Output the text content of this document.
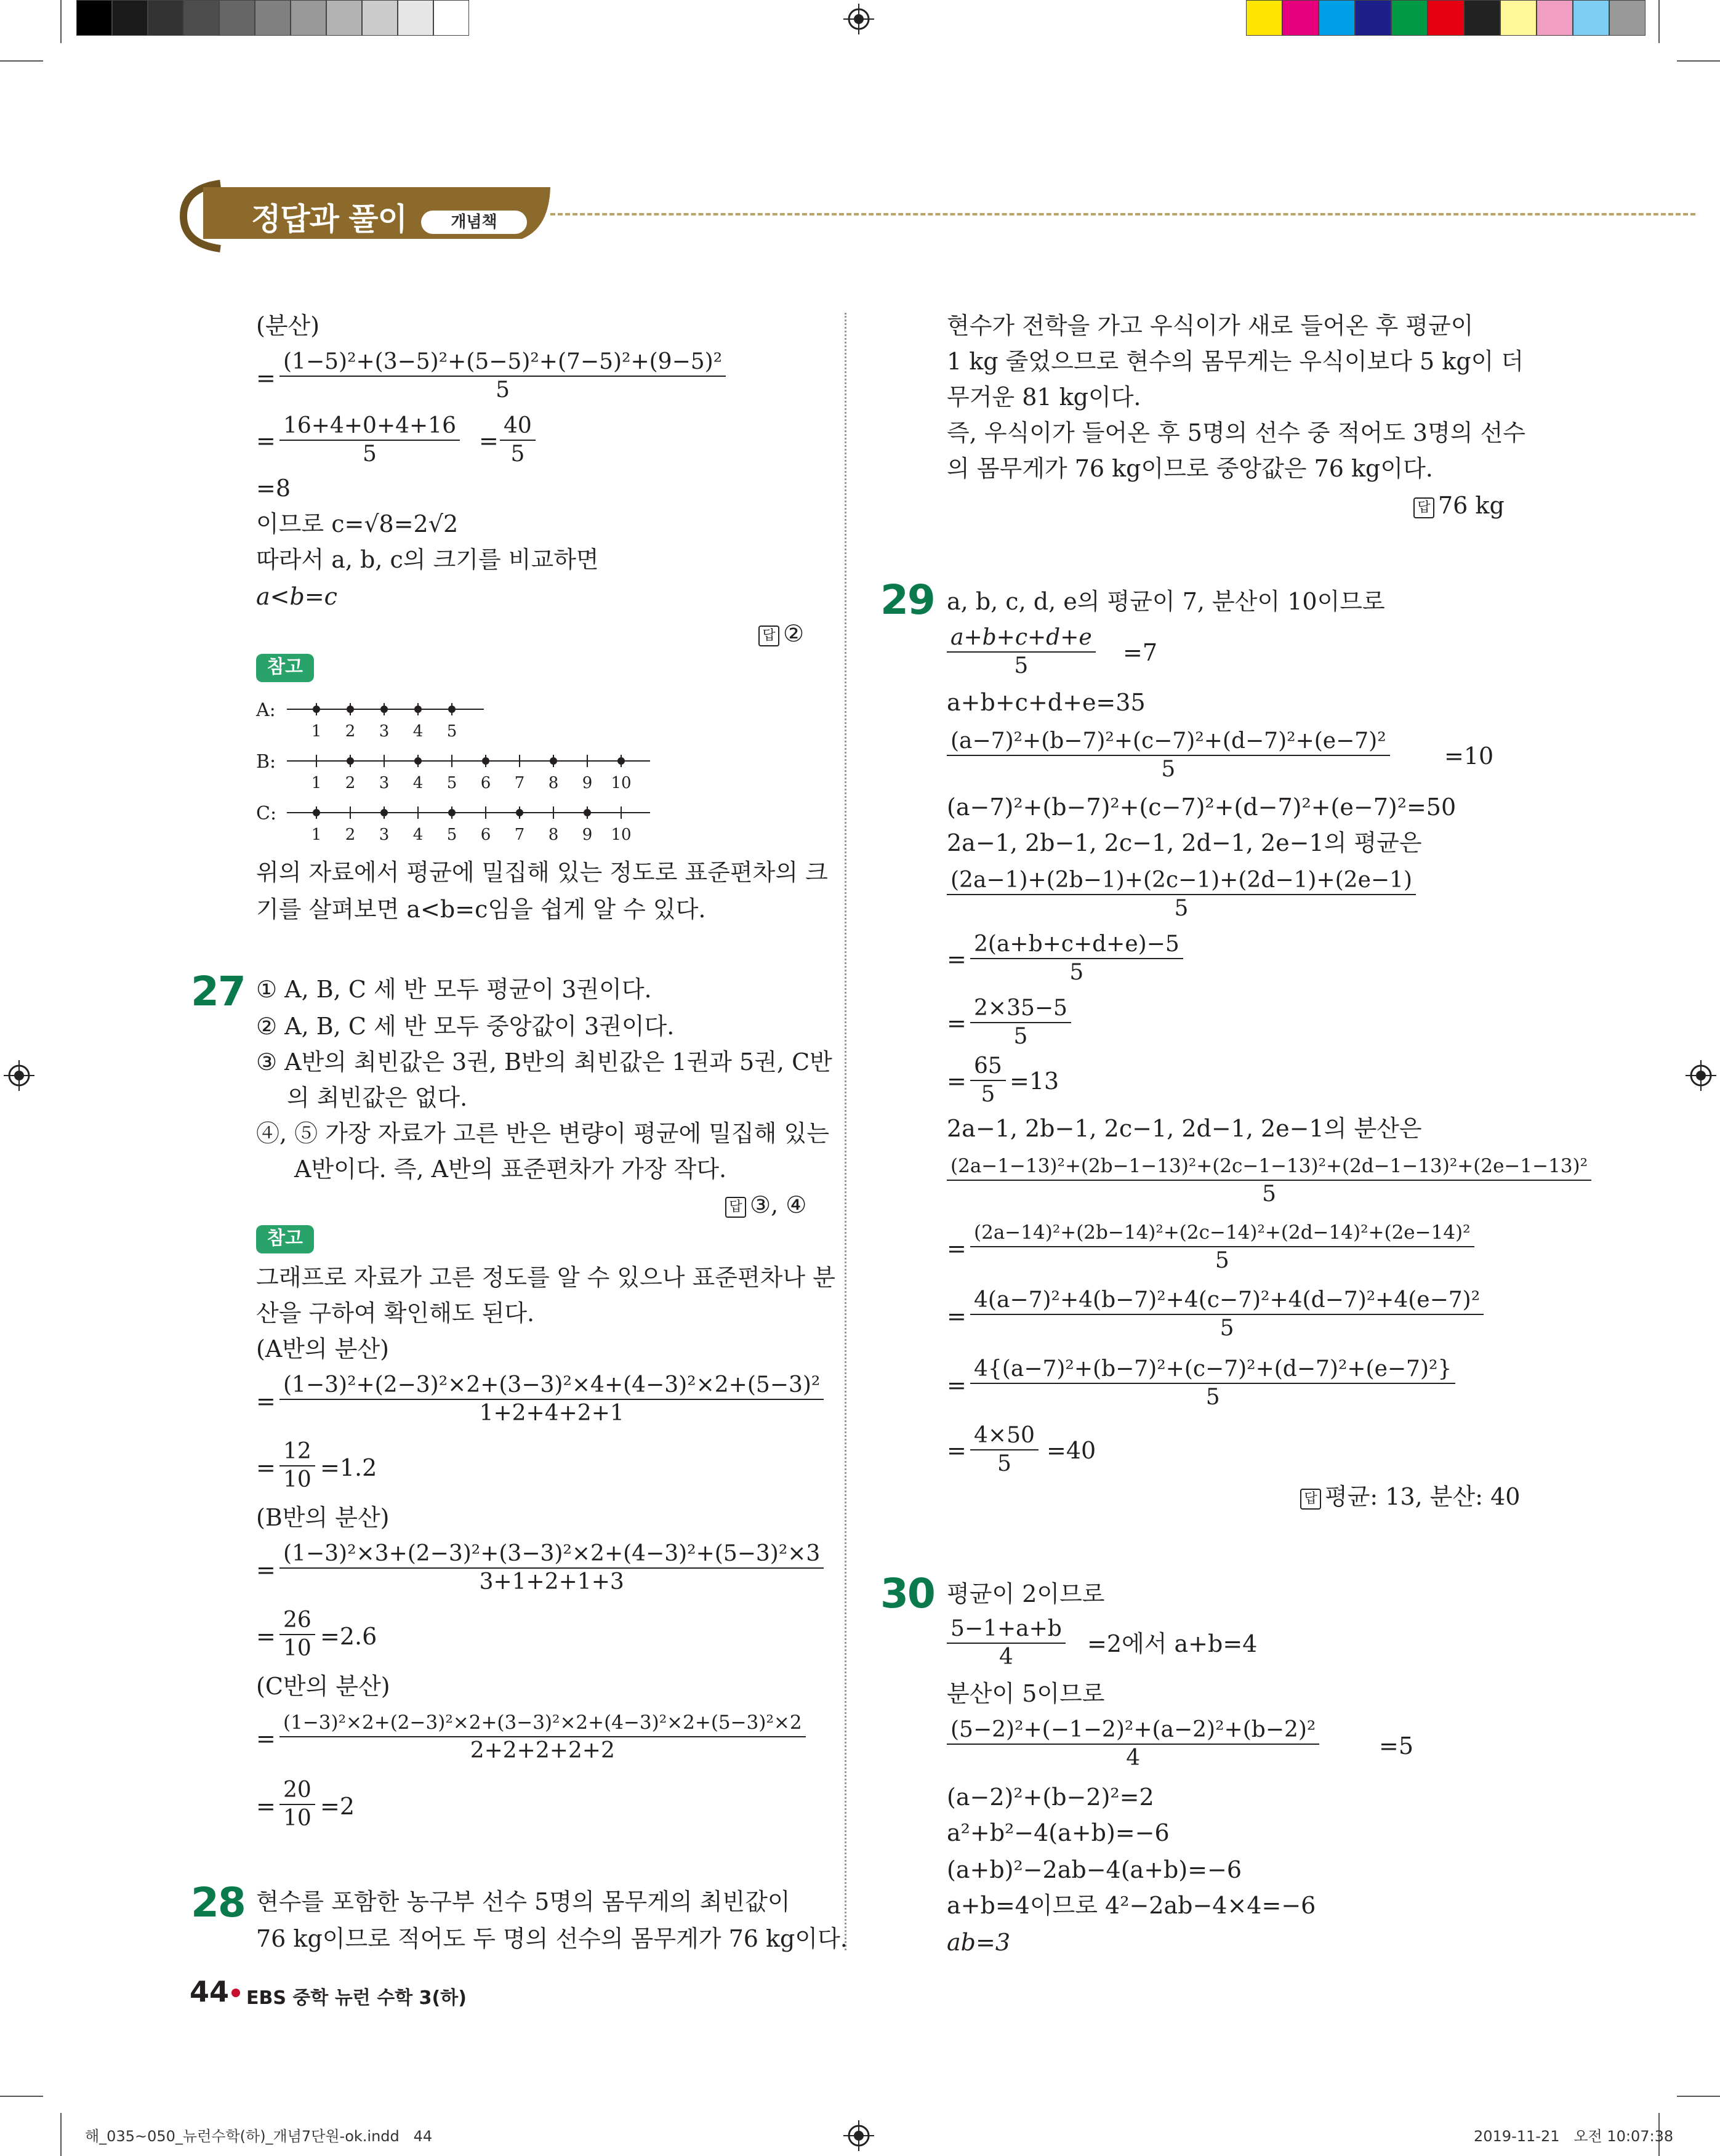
정답과 풀이	개념책
(분산)
= $\frac{\text{(1−5)²+(3−5)²+(5−5)²+(7−5)²+(9−5)²}}{5}$
= $\frac{16+4+0+4+16}{5} = \frac{40}{5}$
=8
이므로 c=√8=2√2
따라서 a, b, c의 크기를 비교하면
a<b=c
답 ②
참고
A:
B:
C:
1 2 3 4 5
1 2 3 4 5 6 7 8 9 10
1 2 3 4 5 6 7 8 9 10
위의 자료에서 평균에 밀집해 있는 정도로 표준편차의 크
기를 살펴보면 a<b=c임을 쉽게 알 수 있다.
27 ① A, B, C 세 반 모두 평균이 3권이다.
② A, B, C 세 반 모두 중앙값이 3권이다.
③ A반의 최빈값은 3권, B반의 최빈값은 1권과 5권, C반
의 최빈값은 없다.
④, ⑤ 가장 자료가 고른 반은 변량이 평균에 밀집해 있는
A반이다. 즉, A반의 표준편차가 가장 작다.
답 ③, ④
참고
그래프로 자료가 고른 정도를 알 수 있으나 표준편차나 분
산을 구하여 확인해도 된다.
(A반의 분산)
= $\frac{\text{(1−3)²+(2−3)²×2+(3−3)²×4+(4−3)²×2+(5−3)²}}{1+2+4+2+1}$
= $\frac{12}{10} =1.2$
(B반의 분산)
= $\frac{\text{(1−3)²×3+(2−3)²+(3−3)²×2+(4−3)²+(5−3)²×3}}{3+1+2+1+3}$
= $\frac{26}{10} =2.6$
(C반의 분산)
= $\frac{\text{(1−3)²×2+(2−3)²×2+(3−3)²×2+(4−3)²×2+(5−3)²×2}}{2+2+2+2+2}$
= $\frac{20}{10} =2$
28 현수를 포함한 농구부 선수 5명의 몸무게의 최빈값이
76 kg이므로 적어도 두 명의 선수의 몸무게가 76 kg이다.
현수가 전학을 가고 우식이가 새로 들어온 후 평균이
1 kg 줄었으므로 현수의 몸무게는 우식이보다 5 kg이 더
무거운 81 kg이다.
즉, 우식이가 들어온 후 5명의 선수 중 적어도 3명의 선수
의 몸무게가 76 kg이므로 중앙값은 76 kg이다.
답 76 kg
29 a, b, c, d, e의 평균이 7, 분산이 10이므로
$\frac{a+b+c+d+e}{5} =7$
a+b+c+d+e=35
$\frac{\text{(a−7)²+(b−7)²+(c−7)²+(d−7)²+(e−7)²}}{5} =10$
(a−7)²+(b−7)²+(c−7)²+(d−7)²+(e−7)²=50
2a−1, 2b−1, 2c−1, 2d−1, 2e−1의 평균은
$\frac{(2a-1)+(2b-1)+(2c-1)+(2d-1)+(2e-1)}{5}$
= $\frac{2(a+b+c+d+e)-5}{5}$
= $\frac{2\times 35-5}{5}$
= $\frac{65}{5} =13$
2a−1, 2b−1, 2c−1, 2d−1, 2e−1의 분산은
$\frac{\text{(2a−1−13)²+(2b−1−13)²+(2c−1−13)²+(2d−1−13)²+(2e−1−13)²}}{5}$
= $\frac{\text{(2a−14)²+(2b−14)²+(2c−14)²+(2d−14)²+(2e−14)²}}{5}$
= $\frac{\text{4(a−7)²+4(b−7)²+4(c−7)²+4(d−7)²+4(e−7)²}}{5}$
= $\frac{\text{4\{(a−7)²+(b−7)²+(c−7)²+(d−7)²+(e−7)²\}}}{5}$
= $\frac{4\times 50}{5} =40$
답 평균: 13, 분산: 40
30 평균이 2이므로
$\frac{5-1+a+b}{4} =2$에서 a+b=4
분산이 5이므로
$\frac{\text{(5−2)²+(−1−2)²+(a−2)²+(b−2)²}}{4}$	=5
(a−2)²+(b−2)²=2
a²+b²−4(a+b)=−6
(a+b)²−2ab−4(a+b)=−6
a+b=4이므로 4²−2ab−4×4=−6
ab=3
44 EBS 중학 뉴런 수학 3(하)
해_035~050_뉴런수학(하)_개념7단원-ok.indd   44	2019-11-21   오전 10:07:38
